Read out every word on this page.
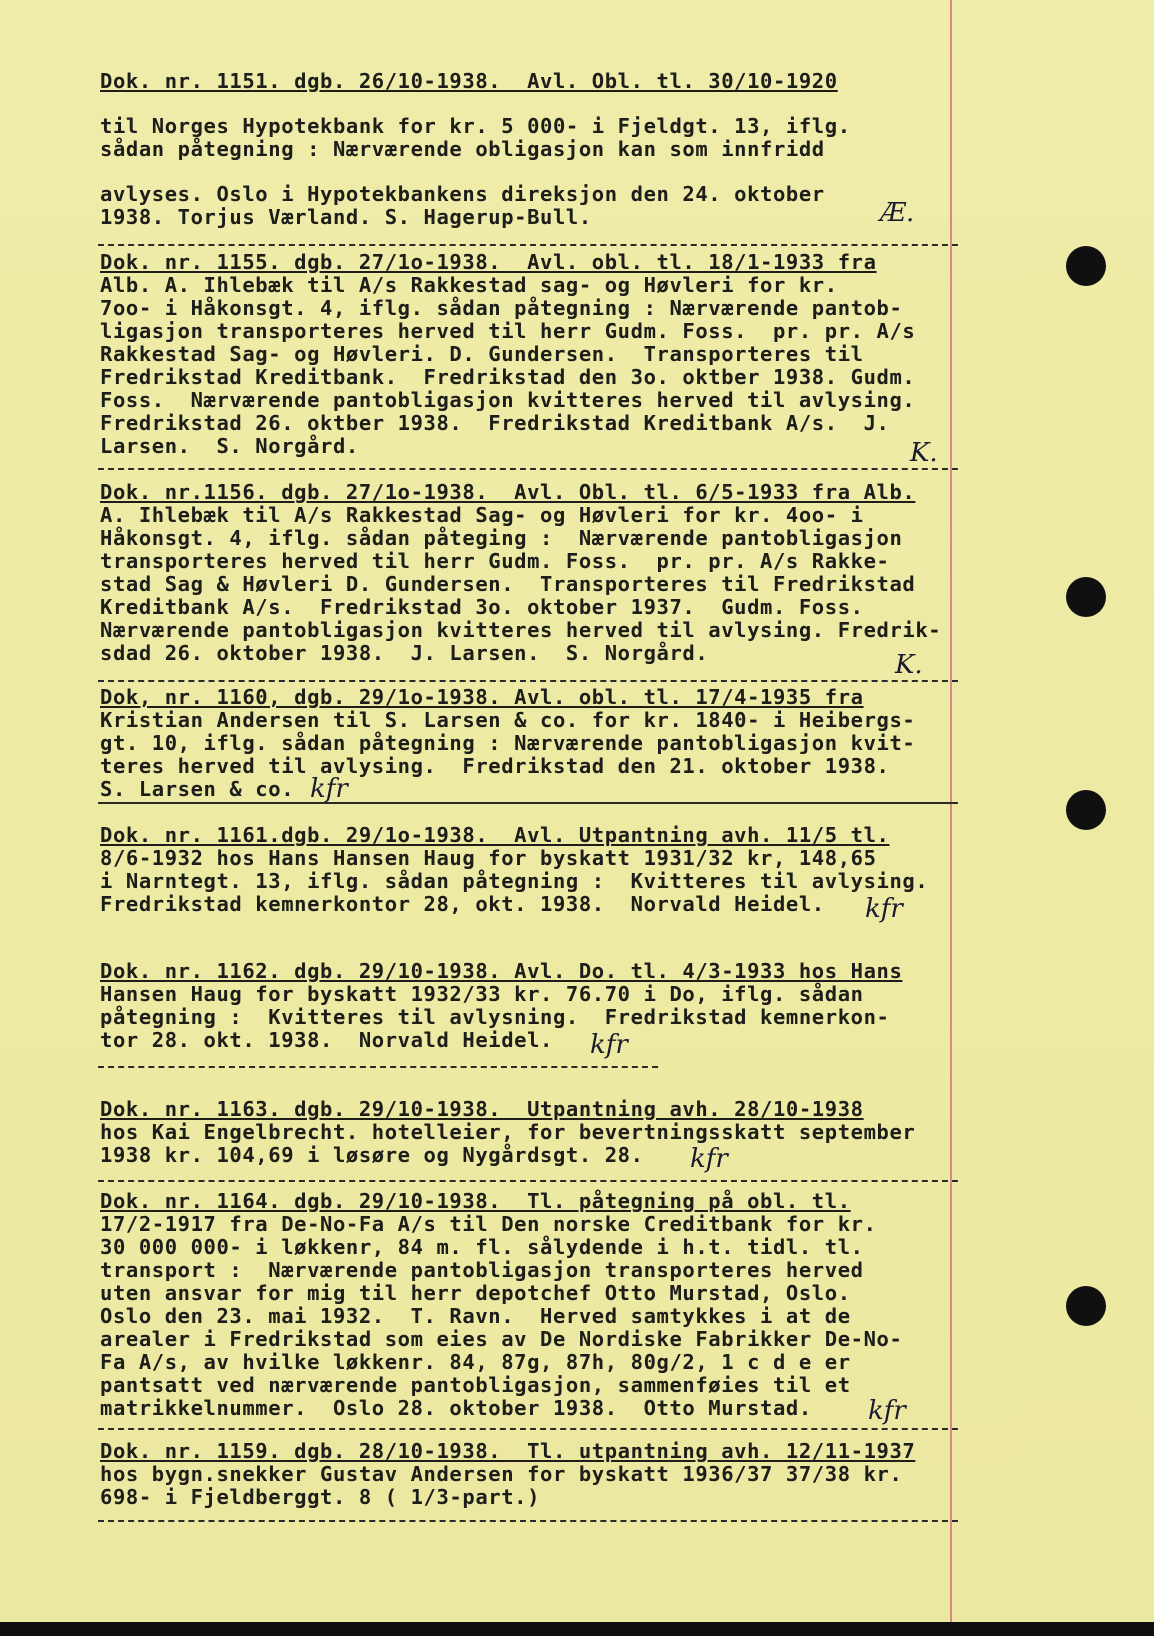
Dok. nr. 1151. dgb. 26/10-1938.  Avl. Obl. tl. 30/10-1920
til Norges Hypotekbank for kr. 5 000- i Fjeldgt. 13, iflg.
sådan påtegning : Nærværende obligasjon kan som innfridd
avlyses. Oslo i Hypotekbankens direksjon den 24. oktober
1938. Torjus Værland. S. Hagerup-Bull.	Æ.
Dok. nr. 1155. dgb. 27/1o-1938.  Avl. obl. tl. 18/1-1933 fra
Alb. A. Ihlebæk til A/s Rakkestad sag- og Høvleri for kr.
7oo- i Håkonsgt. 4, iflg. sådan påtegning : Nærværende pantob-
ligasjon transporteres herved til herr Gudm. Foss.  pr. pr. A/s
Rakkestad Sag- og Høvleri. D. Gundersen.  Transporteres til
Fredrikstad Kreditbank.  Fredrikstad den 3o. oktber 1938. Gudm.
Foss.  Nærværende pantobligasjon kvitteres herved til avlysing.
Fredrikstad 26. oktber 1938.  Fredrikstad Kreditbank A/s.  J.
Larsen.  S. Norgård.	K.
Dok. nr.1156. dgb. 27/1o-1938.  Avl. Obl. tl. 6/5-1933 fra Alb.
A. Ihlebæk til A/s Rakkestad Sag- og Høvleri for kr. 4oo- i
Håkonsgt. 4, iflg. sådan påteging :  Nærværende pantobligasjon
transporteres herved til herr Gudm. Foss.  pr. pr. A/s Rakke-
stad Sag & Høvleri D. Gundersen.  Transporteres til Fredrikstad
Kreditbank A/s.  Fredrikstad 3o. oktober 1937.  Gudm. Foss.
Nærværende pantobligasjon kvitteres herved til avlysing. Fredrik-
sdad 26. oktober 1938.  J. Larsen.  S. Norgård.	K.
Dok, nr. 1160, dgb. 29/1o-1938. Avl. obl. tl. 17/4-1935 fra
Kristian Andersen til S. Larsen & co. for kr. 1840- i Heibergs-
gt. 10, iflg. sådan påtegning : Nærværende pantobligasjon kvit-
teres herved til avlysing.  Fredrikstad den 21. oktober 1938.
S. Larsen & co. kfr
Dok. nr. 1161.dgb. 29/1o-1938.  Avl. Utpantning avh. 11/5 tl.
8/6-1932 hos Hans Hansen Haug for byskatt 1931/32 kr, 148,65
i Narntegt. 13, iflg. sådan påtegning :  Kvitteres til avlysing.
Fredrikstad kemnerkontor 28, okt. 1938.  Norvald Heidel.	kfr
Dok. nr. 1162. dgb. 29/10-1938. Avl. Do. tl. 4/3-1933 hos Hans
Hansen Haug for byskatt 1932/33 kr. 76.70 i Do, iflg. sådan
påtegning :  Kvitteres til avlysning.  Fredrikstad kemnerkon-
tor 28. okt. 1938.  Norvald Heidel.	kfr
Dok. nr. 1163. dgb. 29/10-1938.  Utpantning avh. 28/10-1938
hos Kai Engelbrecht. hotelleier, for bevertningsskatt september
1938 kr. 104,69 i løsøre og Nygårdsgt. 28.	kfr
Dok. nr. 1164. dgb. 29/10-1938.  Tl. påtegning på obl. tl.
17/2-1917 fra De-No-Fa A/s til Den norske Creditbank for kr.
30 000 000- i løkkenr, 84 m. fl. sålydende i h.t. tidl. tl.
transport :  Nærværende pantobligasjon transporteres herved
uten ansvar for mig til herr depotchef Otto Murstad, Oslo.
Oslo den 23. mai 1932.  T. Ravn.  Herved samtykkes i at de
arealer i Fredrikstad som eies av De Nordiske Fabrikker De-No-
Fa A/s, av hvilke løkkenr. 84, 87g, 87h, 80g/2, 1 c d e er
pantsatt ved nærværende pantobligasjon, sammenføies til et
matrikkelnummer.  Oslo 28. oktober 1938.  Otto Murstad.	kfr
Dok. nr. 1159. dgb. 28/10-1938.  Tl. utpantning avh. 12/11-1937
hos bygn.snekker Gustav Andersen for byskatt 1936/37 37/38 kr.
698- i Fjeldberggt. 8 ( 1/3-part.)
